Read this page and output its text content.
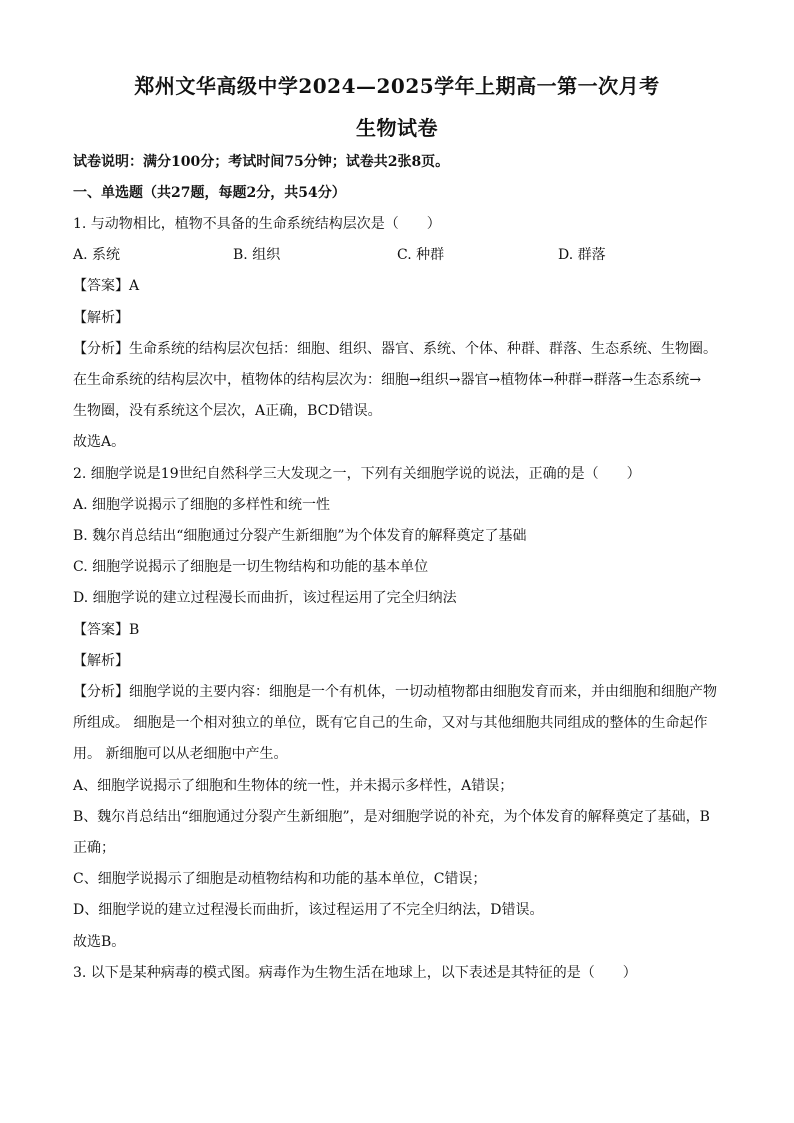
郑州文华高级中学2024—2025学年上期高一第一次月考
生物试卷
试卷说明：满分100分；考试时间75分钟；试卷共2张8页。
一、单选题（共27题，每题2分，共54分）
1. 与动物相比，植物不具备的生命系统结构层次是（　　）
A. 系统	B. 组织	C. 种群	D. 群落
【答案】A
【解析】
【分析】生命系统的结构层次包括：细胞、组织、器官、系统、个体、种群、群落、生态系统、生物圈。
在生命系统的结构层次中，植物体的结构层次为：细胞→组织→器官→植物体→种群→群落→生态系统→
生物圈，没有系统这个层次，A正确，BCD错误。
故选A。
2. 细胞学说是19世纪自然科学三大发现之一，下列有关细胞学说的说法，正确的是（　　）
A. 细胞学说揭示了细胞的多样性和统一性
B. 魏尔肖总结出“细胞通过分裂产生新细胞”为个体发育的解释奠定了基础
C. 细胞学说揭示了细胞是一切生物结构和功能的基本单位
D. 细胞学说的建立过程漫长而曲折，该过程运用了完全归纳法
【答案】B
【解析】
【分析】细胞学说的主要内容：细胞是一个有机体，一切动植物都由细胞发育而来，并由细胞和细胞产物
所组成。 细胞是一个相对独立的单位，既有它自己的生命，又对与其他细胞共同组成的整体的生命起作
用。 新细胞可以从老细胞中产生。
A、细胞学说揭示了细胞和生物体的统一性，并未揭示多样性，A错误；
B、魏尔肖总结出“细胞通过分裂产生新细胞”，是对细胞学说的补充，为个体发育的解释奠定了基础，B
正确；
C、细胞学说揭示了细胞是动植物结构和功能的基本单位，C错误；
D、细胞学说的建立过程漫长而曲折，该过程运用了不完全归纳法，D错误。
故选B。
3. 以下是某种病毒的模式图。病毒作为生物生活在地球上，以下表述是其特征的是（　　）
